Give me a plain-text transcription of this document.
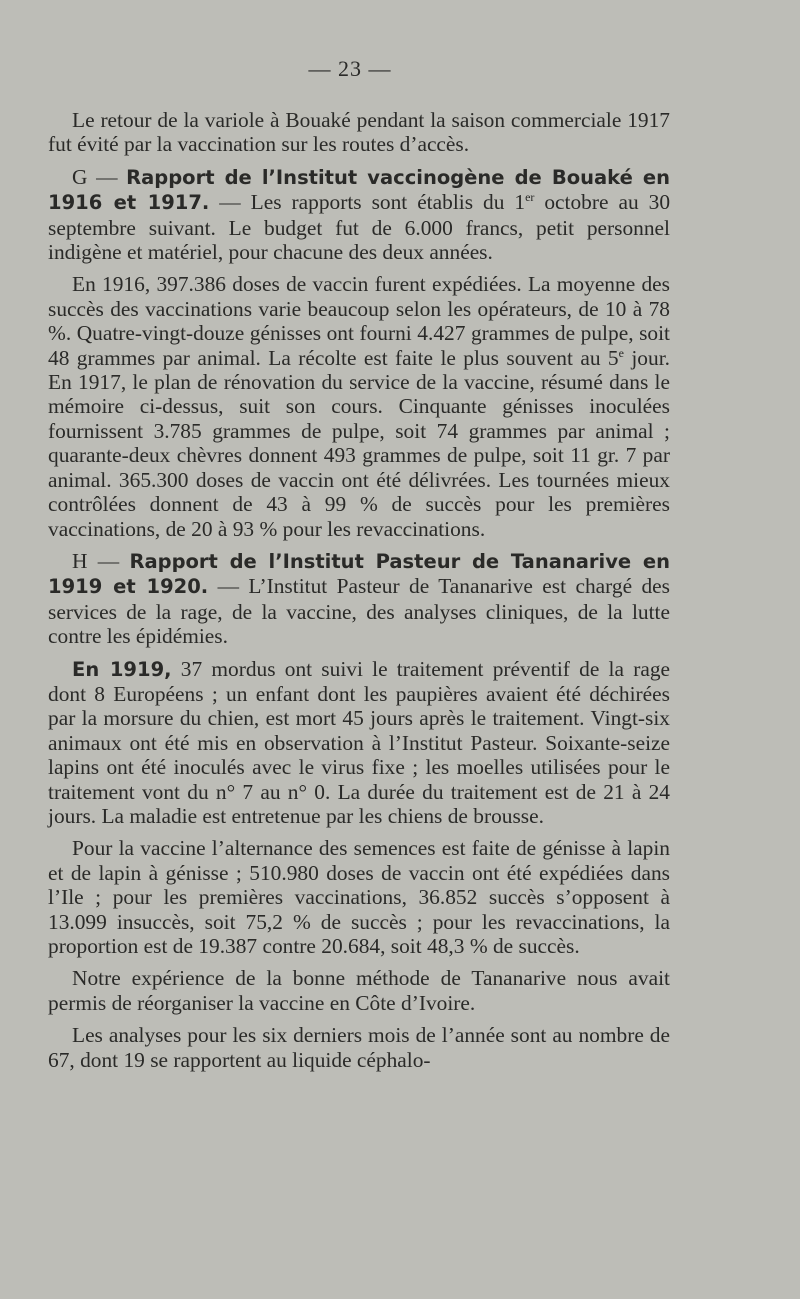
— 23 —

Le retour de la variole à Bouaké pendant la saison commerciale 1917 fut évité par la vaccination sur les routes d’accès.

G — Rapport de l’Institut vaccinogène de Bouaké en 1916 et 1917. — Les rapports sont établis du 1er octobre au 30 septembre suivant. Le budget fut de 6.000 francs, petit personnel indigène et matériel, pour chacune des deux années.

En 1916, 397.386 doses de vaccin furent expédiées. La moyenne des succès des vaccinations varie beaucoup selon les opérateurs, de 10 à 78 %. Quatre-vingt-douze génisses ont fourni 4.427 grammes de pulpe, soit 48 grammes par animal. La récolte est faite le plus souvent au 5e jour. En 1917, le plan de rénovation du service de la vaccine, résumé dans le mémoire ci-dessus, suit son cours. Cinquante génisses inoculées fournissent 3.785 grammes de pulpe, soit 74 grammes par animal ; quarante-deux chèvres donnent 493 grammes de pulpe, soit 11 gr. 7 par animal. 365.300 doses de vaccin ont été délivrées. Les tournées mieux contrôlées donnent de 43 à 99 % de succès pour les premières vaccinations, de 20 à 93 % pour les revaccinations.

H — Rapport de l’Institut Pasteur de Tananarive en 1919 et 1920. — L’Institut Pasteur de Tananarive est chargé des services de la rage, de la vaccine, des analyses cliniques, de la lutte contre les épidémies.

En 1919, 37 mordus ont suivi le traitement préventif de la rage dont 8 Européens ; un enfant dont les paupières avaient été déchirées par la morsure du chien, est mort 45 jours après le traitement. Vingt-six animaux ont été mis en observation à l’Institut Pasteur. Soixante-seize lapins ont été inoculés avec le virus fixe ; les moelles utilisées pour le traitement vont du n° 7 au n° 0. La durée du traitement est de 21 à 24 jours. La maladie est entretenue par les chiens de brousse.

Pour la vaccine l’alternance des semences est faite de génisse à lapin et de lapin à génisse ; 510.980 doses de vaccin ont été expédiées dans l’Ile ; pour les premières vaccinations, 36.852 succès s’opposent à 13.099 insuccès, soit 75,2 % de succès ; pour les revaccinations, la proportion est de 19.387 contre 20.684, soit 48,3 % de succès.

Notre expérience de la bonne méthode de Tananarive nous avait permis de réorganiser la vaccine en Côte d’Ivoire.

Les analyses pour les six derniers mois de l’année sont au nombre de 67, dont 19 se rapportent au liquide céphalo-
